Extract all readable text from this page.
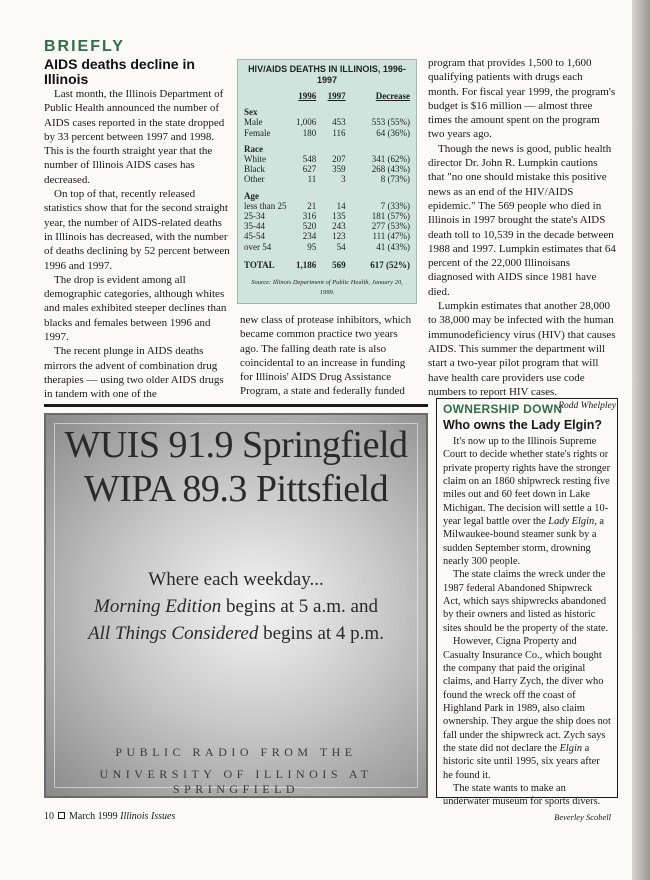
BRIEFLY
AIDS deaths decline in Illinois

Last month, the Illinois Department of Public Health announced the number of AIDS cases reported in the state dropped by 33 percent between 1997 and 1998. This is the fourth straight year that the number of Illinois AIDS cases has decreased.

On top of that, recently released statistics show that for the second straight year, the number of AIDS-related deaths in Illinois has decreased, with the number of deaths declining by 52 percent between 1996 and 1997.

The drop is evident among all demographic categories, although whites and males exhibited steeper declines than blacks and females between 1996 and 1997.

The recent plunge in AIDS deaths mirrors the advent of combination drug therapies — using two older AIDS drugs in tandem with one of the

HIV/AIDS DEATHS IN ILLINOIS, 1996-1997
1996	1997	Decrease
Sex
Male	1,006	453	553 (55%)
Female	180	116	64 (36%)
Race
White	548	207	341 (62%)
Black	627	359	268 (43%)
Other	11	3	8 (73%)
Age
less than 25	21	14	7 (33%)
25-34	316	135	181 (57%)
35-44	520	243	277 (53%)
45-54	234	123	111 (47%)
over 54	95	54	41 (43%)
TOTAL	1,186	569	617 (52%)
Source: Illinois Department of Public Health, January 20, 1999.

new class of protease inhibitors, which became common practice two years ago. The falling death rate is also coincidental to an increase in funding for Illinois' AIDS Drug Assistance Program, a state and federally funded

program that provides 1,500 to 1,600 qualifying patients with drugs each month. For fiscal year 1999, the program's budget is $16 million — almost three times the amount spent on the program two years ago.

Though the news is good, public health director Dr. John R. Lumpkin cautions that "no one should mistake this positive news as an end of the HIV/AIDS epidemic." The 569 people who died in Illinois in 1997 brought the state's AIDS death toll to 10,539 in the decade between 1988 and 1997. Lumpkin estimates that 64 percent of the 22,000 Illinoisans diagnosed with AIDS since 1981 have died.

Lumpkin estimates that another 28,000 to 38,000 may be infected with the human immunodeficiency virus (HIV) that causes AIDS. This summer the department will start a two-year pilot program that will have health care providers use code numbers to report HIV cases.
Rodd Whelpley

WUIS 91.9 Springfield
WIPA 89.3 Pittsfield
Where each weekday...
Morning Edition begins at 5 a.m. and
All Things Considered begins at 4 p.m.
PUBLIC RADIO FROM THE
UNIVERSITY OF ILLINOIS AT SPRINGFIELD
OWNERSHIP DOWN
Who owns the Lady Elgin?

It's now up to the Illinois Supreme Court to decide whether state's rights or private property rights have the stronger claim on an 1860 shipwreck resting five miles out and 60 feet down in Lake Michigan. The decision will settle a 10-year legal battle over the Lady Elgin, a Milwaukee-bound steamer sunk by a sudden September storm, drowning nearly 300 people.

The state claims the wreck under the 1987 federal Abandoned Shipwreck Act, which says shipwrecks abandoned by their owners and listed as historic sites should be the property of the state.

However, Cigna Property and Casualty Insurance Co., which bought the company that paid the original claims, and Harry Zych, the diver who found the wreck off the coast of Highland Park in 1989, also claim ownership. They argue the ship does not fall under the shipwreck act. Zych says the state did not declare the Elgin a historic site until 1995, six years after he found it.

The state wants to make an underwater museum for sports divers.

Beverley Scobell
10 March 1999 Illinois Issues
